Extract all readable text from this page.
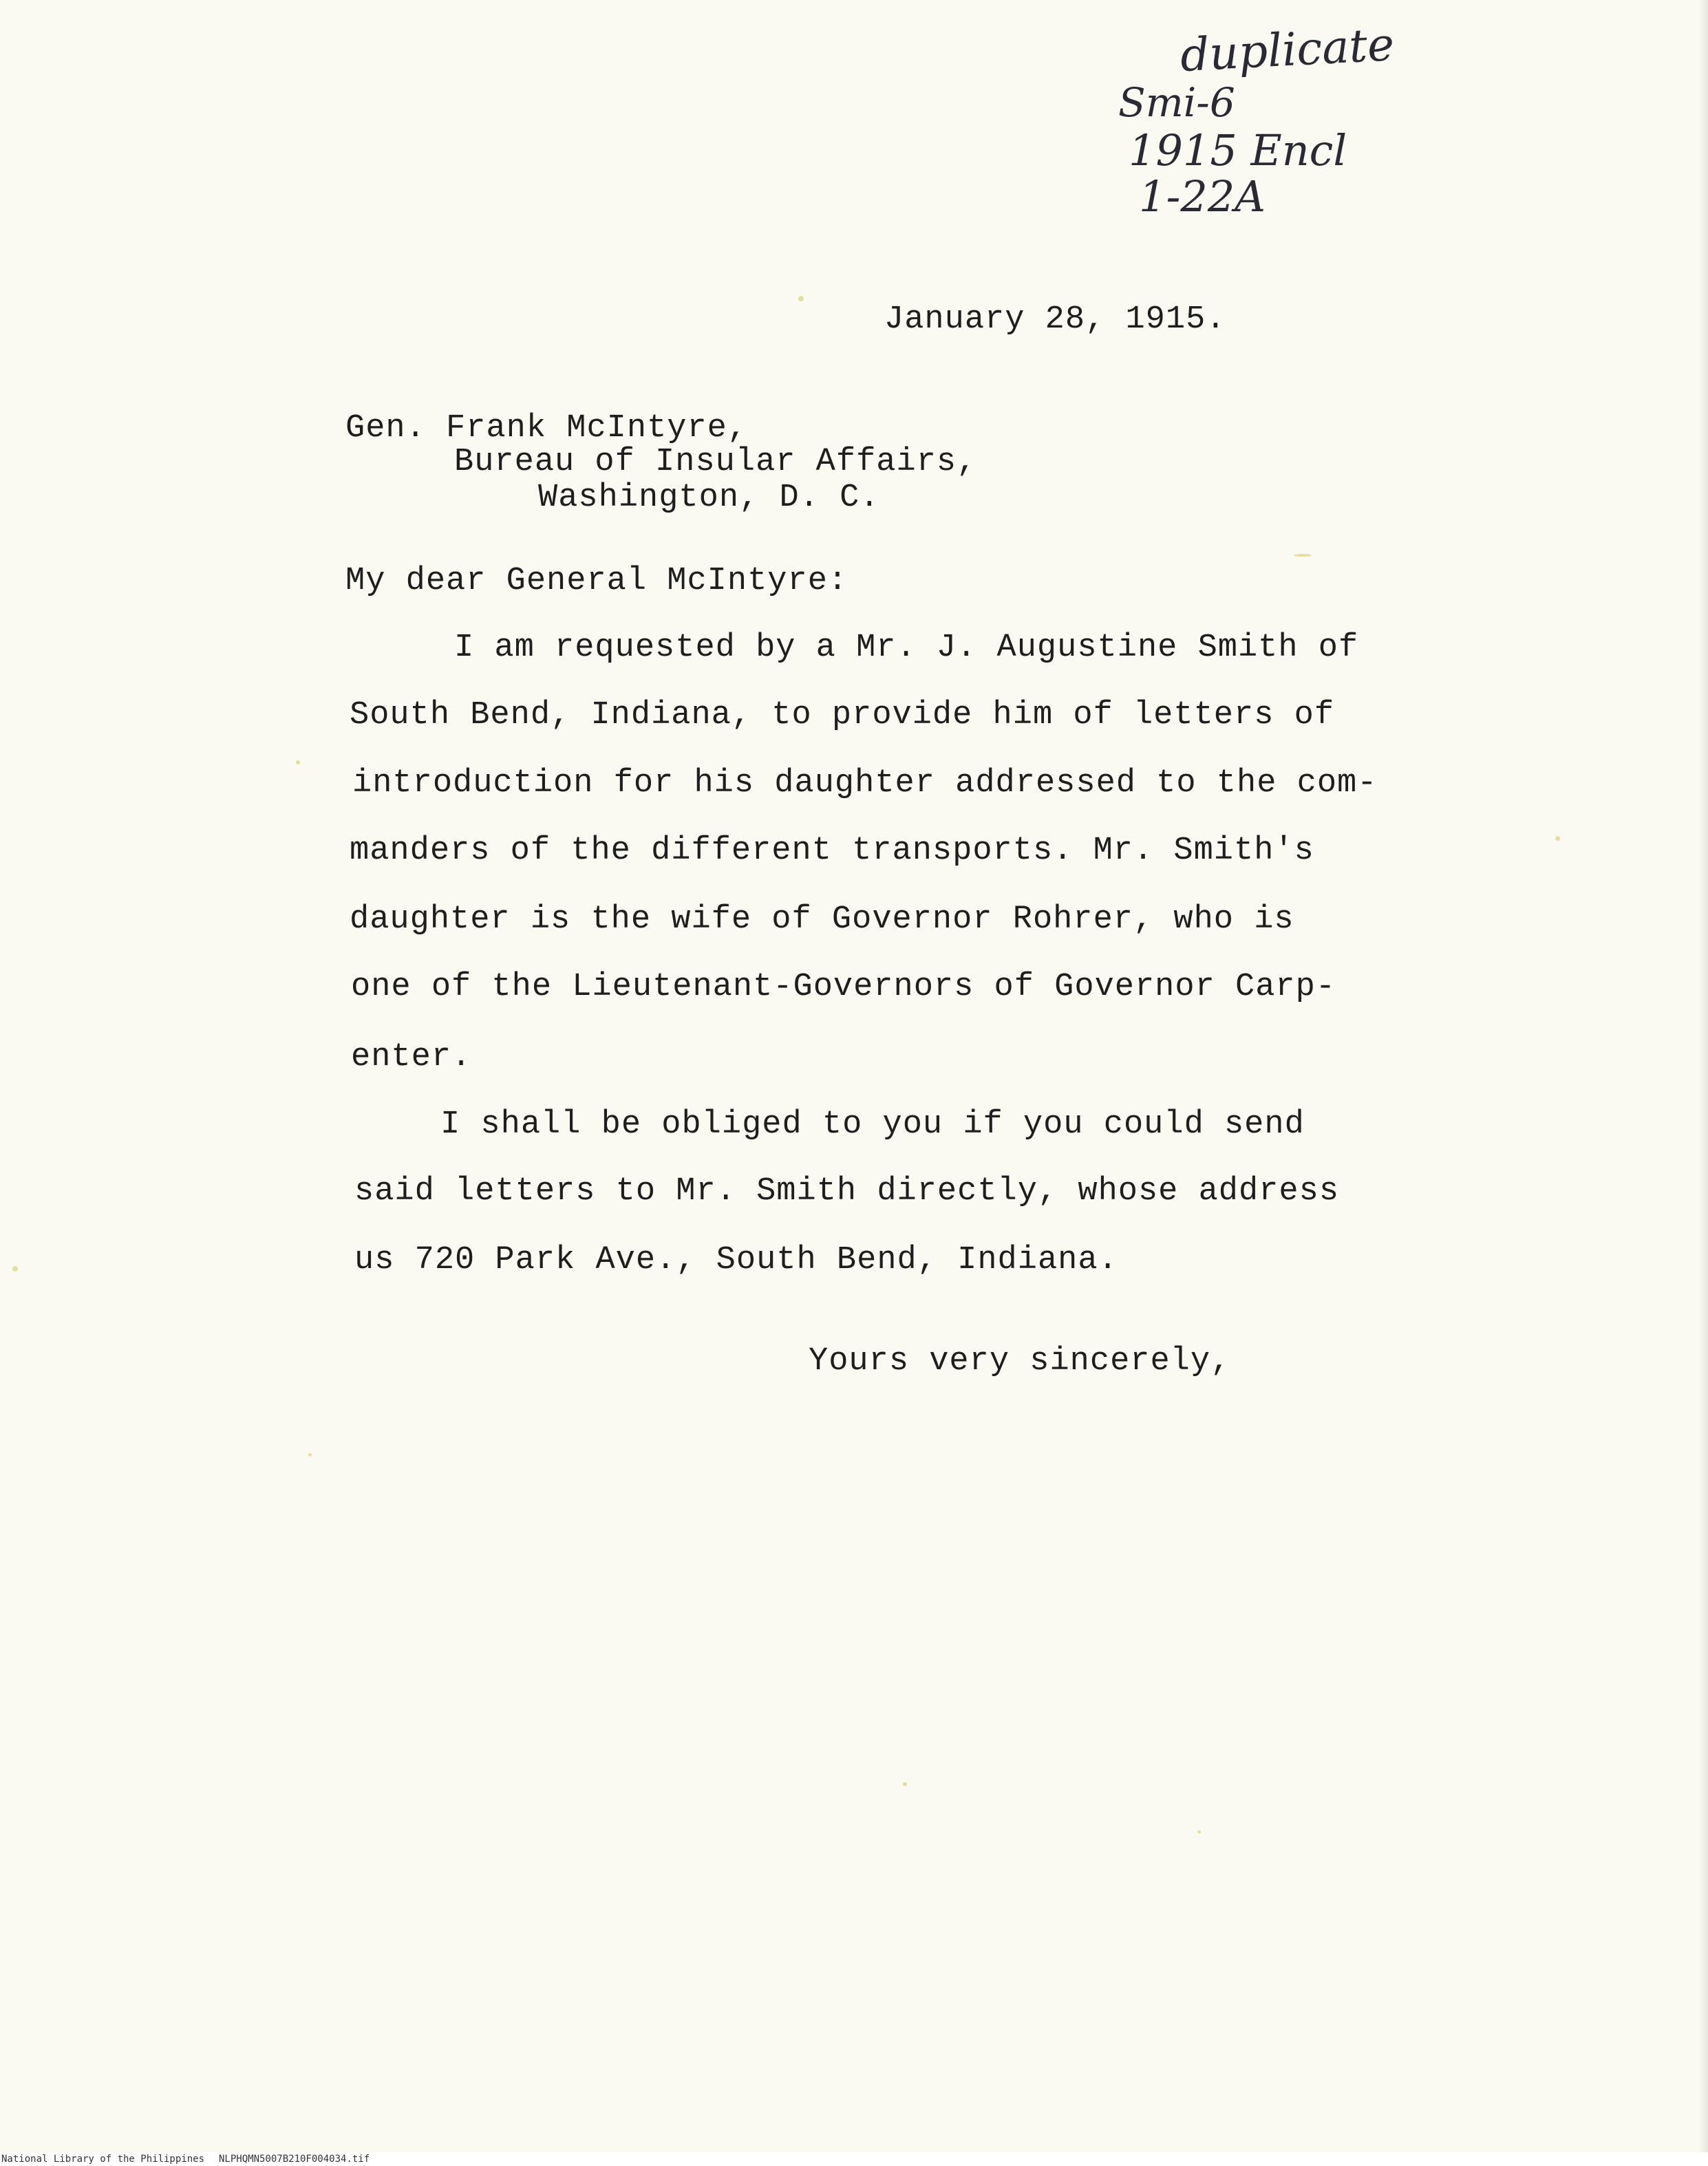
duplicate
Smi-6
1915 Encl
1-22A
January 28, 1915.
Gen. Frank McIntyre,
Bureau of Insular Affairs,
Washington, D. C.
My dear General McIntyre:
I am requested by a Mr. J. Augustine Smith of
South Bend, Indiana, to provide him of letters of
introduction for his daughter addressed to the com-
manders of the different transports. Mr. Smith's
daughter is the wife of Governor Rohrer, who is
one of the Lieutenant-Governors of Governor Carp-
enter.
I shall be obliged to you if you could send
said letters to Mr. Smith directly, whose address
us 720 Park Ave., South Bend, Indiana.
Yours very sincerely,
National Library of the Philippines NLPHQMN5007B210F004034.tif
